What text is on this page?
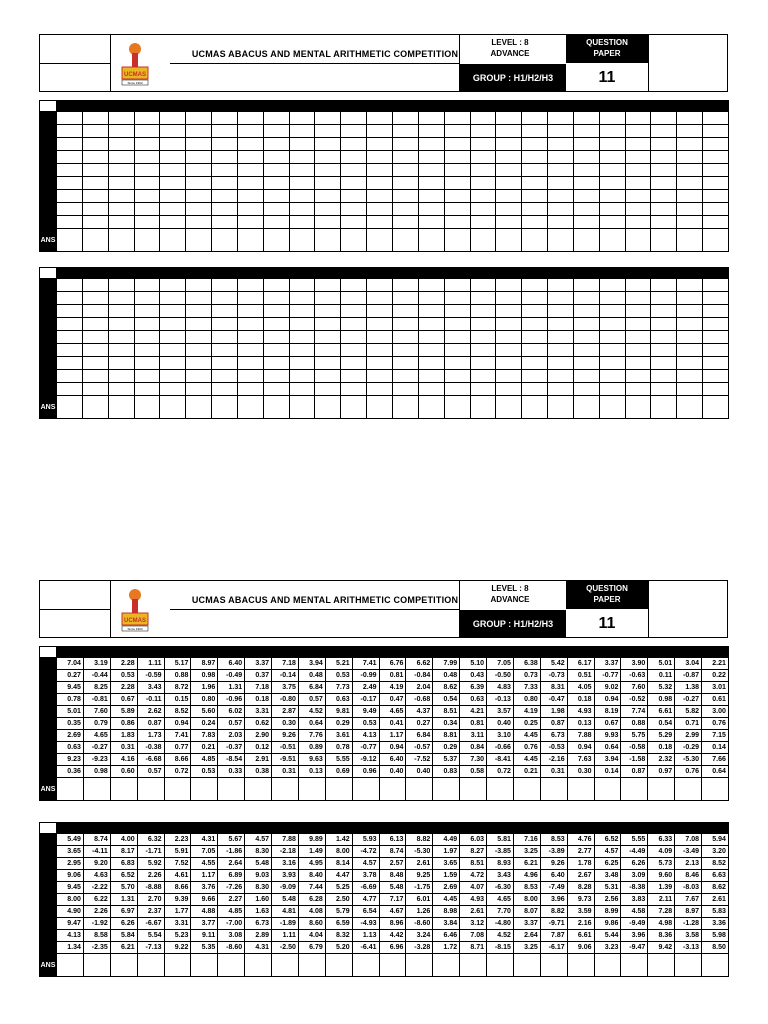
UCMAS
Since 1993
UCMAS ABACUS AND MENTAL ARITHMETIC COMPETITION
LEVEL : 8
ADVANCE
GROUP : H1/H2/H3
QUESTION
PAPER
11

ANS																										

ANS																										
UCMAS
Since 1993
UCMAS ABACUS AND MENTAL ARITHMETIC COMPETITION
LEVEL : 8
ADVANCE
GROUP : H1/H2/H3
QUESTION
PAPER
11

	7.04	3.19	2.28	1.11	5.17	8.97	6.40	3.37	7.18	3.94	5.21	7.41	6.76	6.62	7.99	5.10	7.05	6.38	5.42	6.17	3.37	3.90	5.01	3.04	2.21
	0.27	-0.44	0.53	-0.59	0.88	0.98	-0.49	0.37	-0.14	0.48	0.53	-0.99	0.81	-0.84	0.48	0.43	-0.50	0.73	-0.73	0.51	-0.77	-0.63	0.11	-0.87	0.22
	9.45	8.25	2.28	3.43	8.72	1.96	1.31	7.18	3.75	6.84	7.73	2.49	4.19	2.04	8.62	6.39	4.83	7.33	8.31	4.05	9.02	7.60	5.32	1.38	3.01
	0.78	-0.81	0.67	-0.11	0.15	0.80	-0.96	0.18	-0.80	0.57	0.63	-0.17	0.47	-0.68	0.54	0.63	-0.13	0.80	-0.47	0.18	0.94	-0.52	0.98	-0.27	0.61
	5.01	7.60	5.89	2.62	8.52	5.60	6.02	3.31	2.87	4.52	9.81	9.49	4.65	4.37	8.51	4.21	3.57	4.19	1.98	4.93	8.19	7.74	6.61	5.82	3.00
	0.35	0.79	0.86	0.87	0.94	0.24	0.57	0.62	0.30	0.64	0.29	0.53	0.41	0.27	0.34	0.81	0.40	0.25	0.87	0.13	0.67	0.88	0.54	0.71	0.76
	2.69	4.65	1.83	1.73	7.41	7.83	2.03	2.90	9.26	7.76	3.61	4.13	1.17	6.84	8.81	3.11	3.10	4.45	6.73	7.88	9.93	5.75	5.29	2.99	7.15
	0.63	-0.27	0.31	-0.38	0.77	0.21	-0.37	0.12	-0.51	0.89	0.78	-0.77	0.94	-0.57	0.29	0.84	-0.66	0.76	-0.53	0.94	0.64	-0.58	0.18	-0.29	0.14
	9.23	-9.23	4.16	-6.68	8.66	4.85	-8.54	2.91	-9.51	9.63	5.55	-9.12	6.40	-7.52	5.37	7.30	-8.41	4.45	-2.16	7.63	3.94	-1.58	2.32	-5.30	7.66
	0.36	0.98	0.60	0.57	0.72	0.53	0.33	0.38	0.31	0.13	0.69	0.96	0.40	0.40	0.83	0.58	0.72	0.21	0.31	0.30	0.14	0.87	0.97	0.76	0.64
ANS																									

	5.49	8.74	4.00	6.32	2.23	4.31	5.67	4.57	7.88	9.89	1.42	5.93	6.13	8.82	4.49	6.03	5.81	7.16	8.53	4.76	6.52	5.55	6.33	7.08	5.94
	3.65	-4.11	8.17	-1.71	5.91	7.05	-1.86	8.30	-2.18	1.49	8.00	-4.72	8.74	-5.30	1.97	8.27	-3.85	3.25	-3.89	2.77	4.57	-4.49	4.09	-3.49	3.20
	2.95	9.20	6.83	5.92	7.52	4.55	2.64	5.48	3.16	4.95	8.14	4.57	2.57	2.61	3.65	8.51	8.93	6.21	9.26	1.78	6.25	6.26	5.73	2.13	8.52
	9.06	4.63	6.52	2.26	4.61	1.17	6.89	9.03	3.93	8.40	4.47	3.78	8.48	9.25	1.59	4.72	3.43	4.96	6.40	2.67	3.48	3.09	9.60	8.46	6.63
	9.45	-2.22	5.70	-8.88	8.66	3.76	-7.26	8.30	-9.09	7.44	5.25	-6.69	5.48	-1.75	2.69	4.07	-6.30	8.53	-7.49	8.28	5.31	-8.38	1.39	-8.03	8.62
	8.00	6.22	1.31	2.70	9.39	9.66	2.27	1.60	5.48	6.28	2.50	4.77	7.17	6.01	4.45	4.93	4.65	8.00	3.96	9.73	2.56	3.83	2.11	7.67	2.61
	4.90	2.26	6.97	2.37	1.77	4.88	4.85	1.63	4.81	4.08	5.79	6.54	4.67	1.26	8.98	2.61	7.70	8.07	8.82	3.59	8.99	4.58	7.28	8.97	5.83
	9.47	-1.92	6.26	-6.67	3.31	3.77	-7.00	6.73	-1.89	8.60	6.59	-4.93	8.96	-8.60	3.84	3.12	-4.80	3.37	-9.71	2.16	9.86	-9.49	4.98	-1.28	3.36
	4.13	8.58	5.84	5.54	5.23	9.11	3.08	2.89	1.11	4.04	8.32	1.13	4.42	3.24	6.46	7.08	4.52	2.64	7.87	6.61	5.44	3.96	8.36	3.58	5.98
	1.34	-2.35	6.21	-7.13	9.22	5.35	-8.60	4.31	-2.50	6.79	5.20	-6.41	6.96	-3.28	1.72	8.71	-8.15	3.25	-6.17	9.06	3.23	-9.47	9.42	-3.13	8.50
ANS																									
